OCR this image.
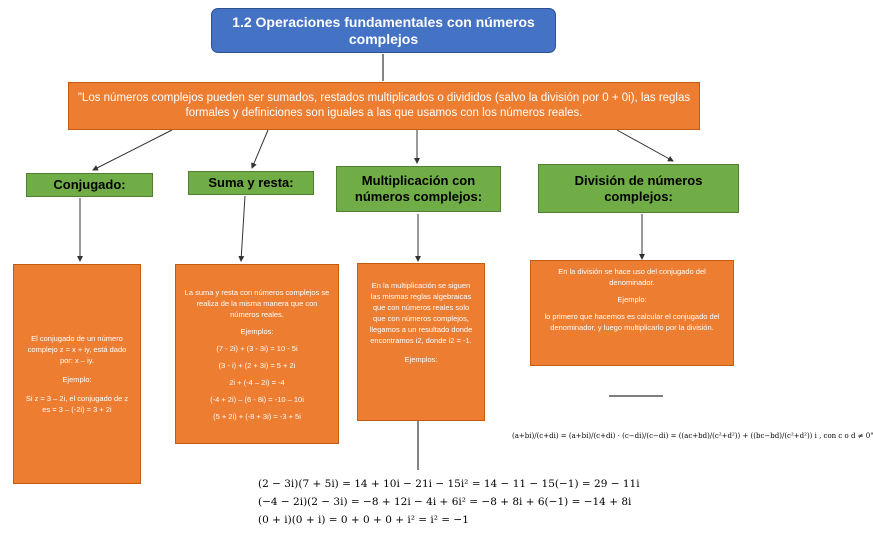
1.2 Operaciones fundamentales con números complejos
"Los números complejos pueden ser sumados, restados multiplicados o divididos (salvo la división por 0 + 0i), las reglas formales y definiciones son iguales a las que usamos con los números reales.
Conjugado:	Suma y resta:	Multiplicación con números complejos:
División de números complejos:

El conjugado de un número complejo z = x + iy, está dado por: x – iy.

Ejemplo:

Si z = 3 – 2i, el conjugado de z es = 3 – (-2i) = 3 + 2i

La suma y resta con números complejos se realiza de la misma manera que con números reales.

Ejemplos:

(7 - 2i) + (3 - 3i) = 10 - 5i

(3 - i) + (2 + 3i) = 5 + 2i

2i + (-4 – 2i) = -4

(-4 + 2i) – (6 - 8i) = -10 – 10i

(5 + 2i) + (-8 + 3i) = -3 + 5i

En la multiplicación se siguen las mismas reglas algebraicas que con números reales solo que con números complejos, llegamos a un resultado donde encontramos i2, donde i2 = -1.

Ejemplos:

En la división se hace uso del conjugado del denominador.

Ejemplo:

lo primero que hacemos es calcular el conjugado del denominador, y luego multiplicarlo por la división.

(a+bi)/(c+di) = (a+bi)/(c+di) · (c−di)/(c−di) = ((ac+bd)/(c²+d²)) + ((bc−bd)/(c²+d²)) i , con c o d ≠ 0"
(2 − 3i)(7 + 5i) = 14 + 10i − 21i − 15i² = 14 − 11 − 15(−1) = 29 − 11i
(−4 − 2i)(2 − 3i) = −8 + 12i − 4i + 6i² = −8 + 8i + 6(−1) = −14 + 8i
(0 + i)(0 + i) = 0 + 0 + 0 + i² = i² = −1
